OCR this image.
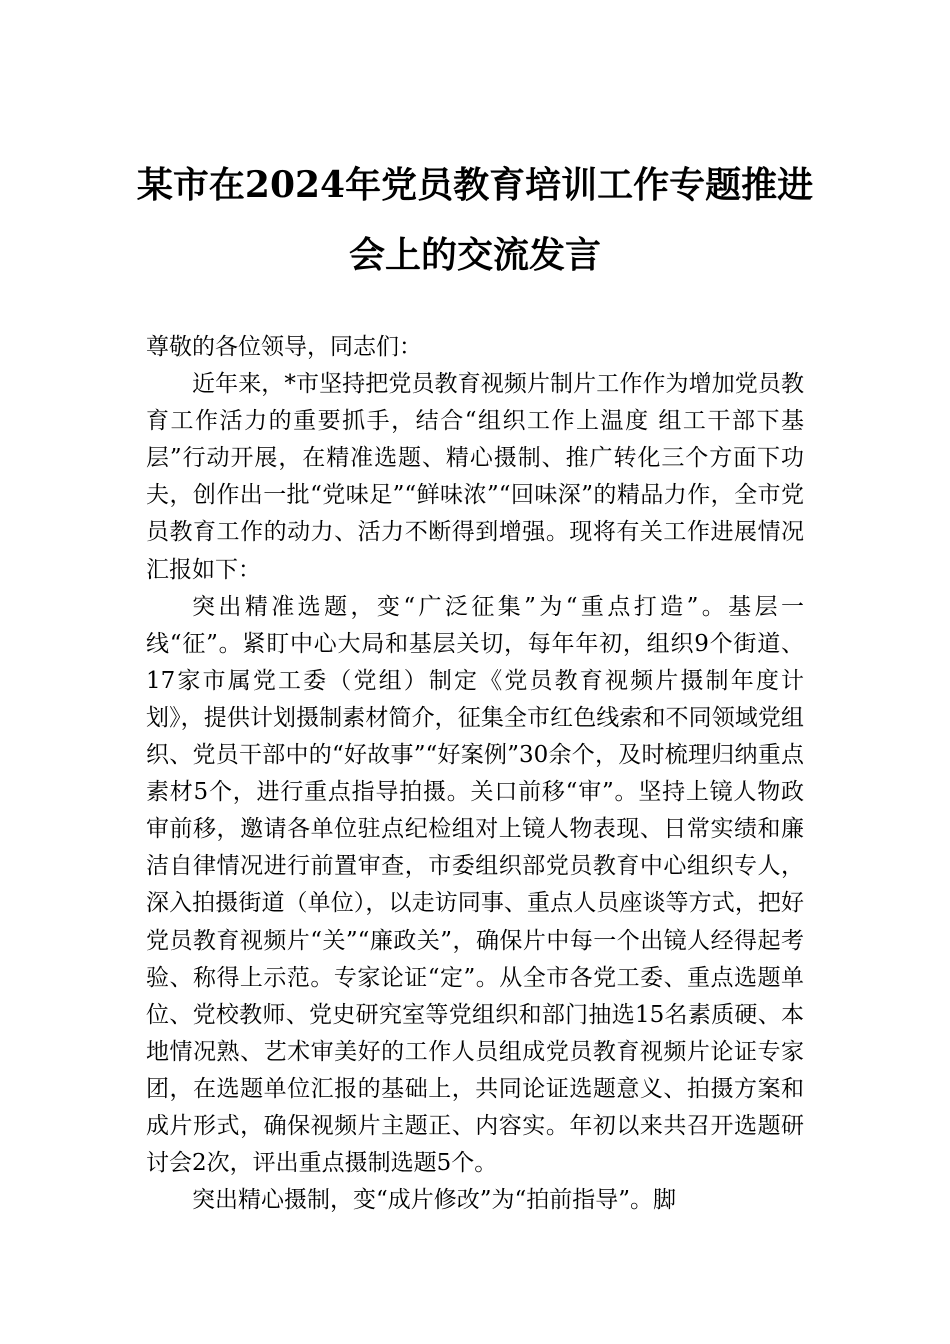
某市在2024年党员教育培训工作专题推进
会上的交流发言

尊敬的各位领导，同志们：

近年来，*市坚持把党员教育视频片制片工作作为增加党员教育工作活力的重要抓手，结合“组织工作上温度 组工干部下基层”行动开展，在精准选题、精心摄制、推广转化三个方面下功夫，创作出一批“党味足”“鲜味浓”“回味深”的精品力作，全市党员教育工作的动力、活力不断得到增强。现将有关工作进展情况汇报如下：

突出精准选题，变“广泛征集”为“重点打造”。基层一线“征”。紧盯中心大局和基层关切，每年年初，组织9个街道、17家市属党工委（党组）制定《党员教育视频片摄制年度计划》，提供计划摄制素材简介，征集全市红色线索和不同领域党组织、党员干部中的“好故事”“好案例”30余个，及时梳理归纳重点素材5个，进行重点指导拍摄。关口前移“审”。坚持上镜人物政审前移，邀请各单位驻点纪检组对上镜人物表现、日常实绩和廉洁自律情况进行前置审查，市委组织部党员教育中心组织专人，深入拍摄街道（单位），以走访同事、重点人员座谈等方式，把好党员教育视频片“关”“廉政关”，确保片中每一个出镜人经得起考验、称得上示范。专家论证“定”。从全市各党工委、重点选题单位、党校教师、党史研究室等党组织和部门抽选15名素质硬、本地情况熟、艺术审美好的工作人员组成党员教育视频片论证专家团，在选题单位汇报的基础上，共同论证选题意义、拍摄方案和成片形式，确保视频片主题正、内容实。年初以来共召开选题研讨会2次，评出重点摄制选题5个。

突出精心摄制，变“成片修改”为“拍前指导”。脚
